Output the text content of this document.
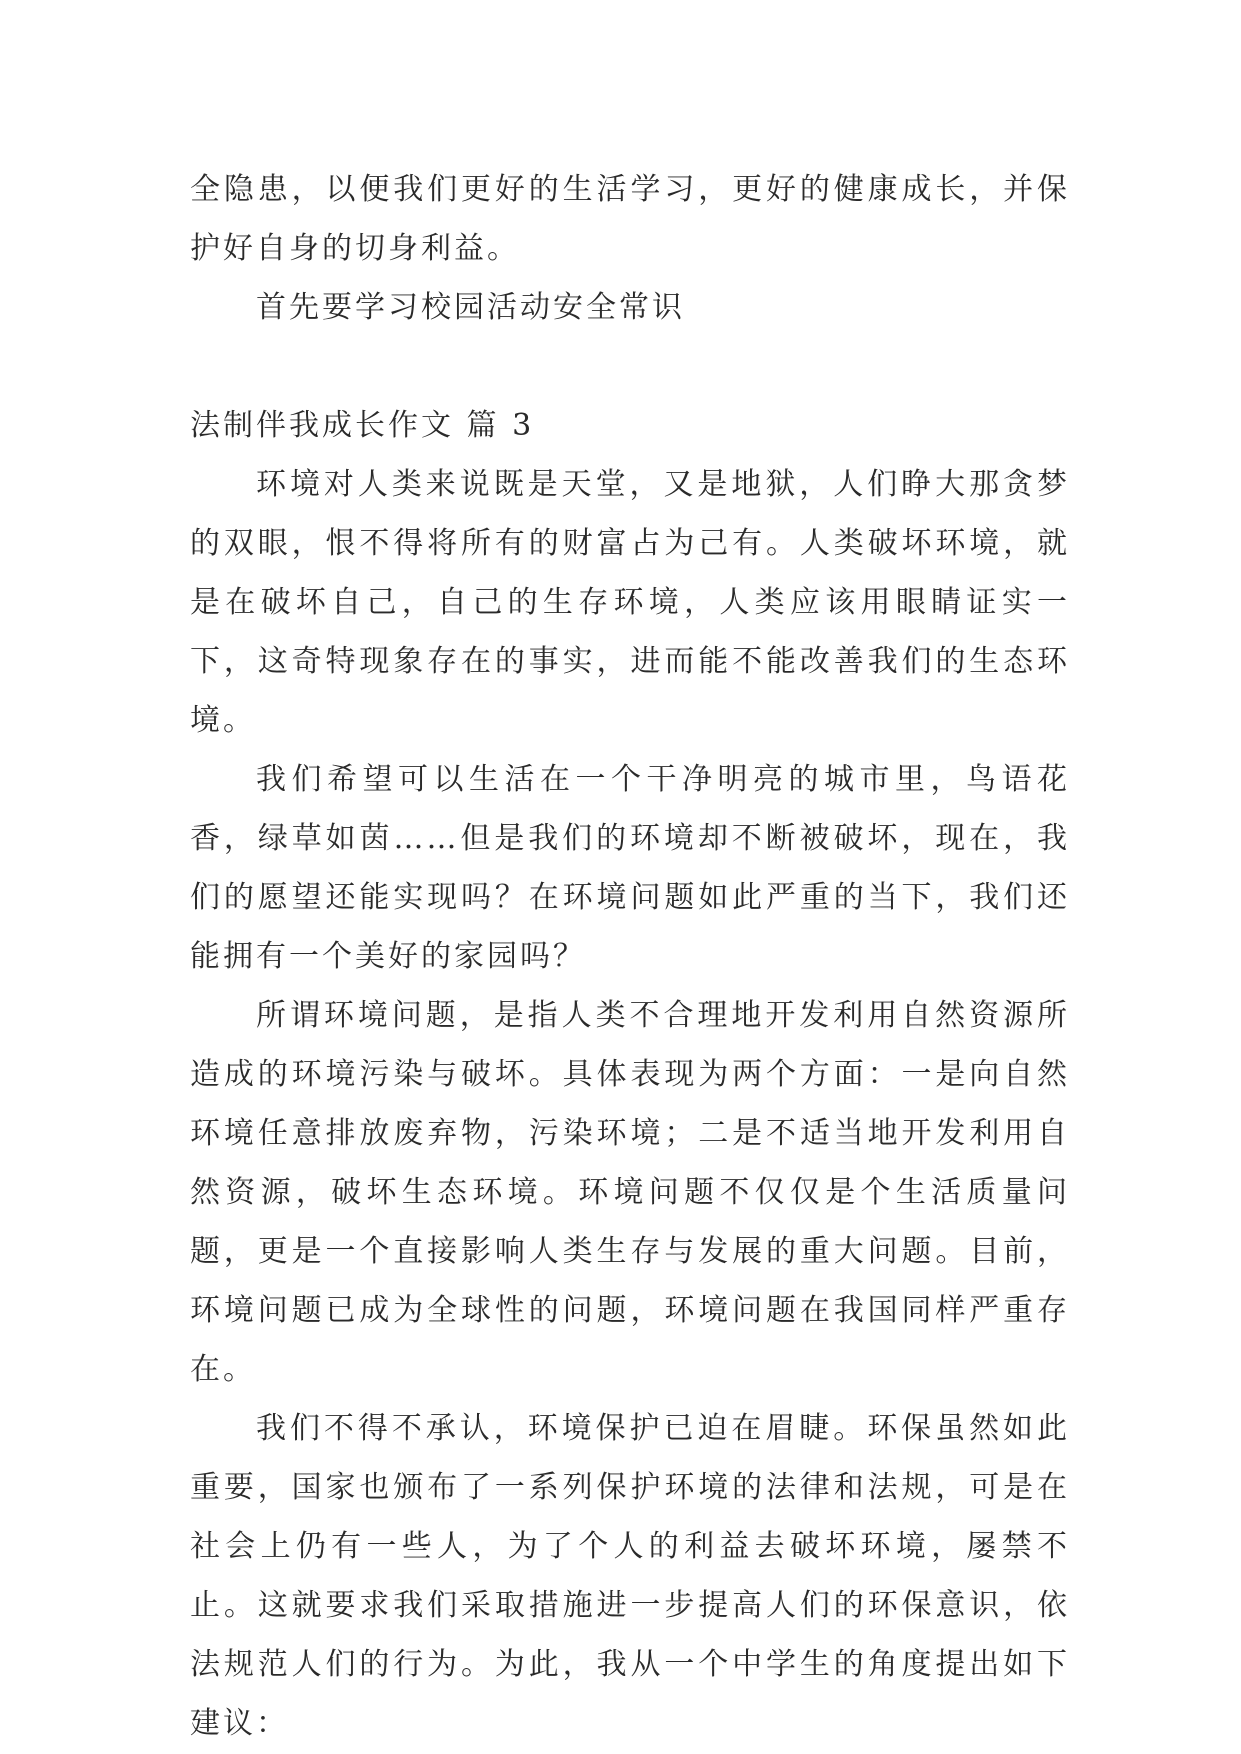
全隐患，以便我们更好的生活学习，更好的健康成长，并保护好自身的切身利益。

首先要学习校园活动安全常识

法制伴我成长作文 篇 3

环境对人类来说既是天堂，又是地狱，人们睁大那贪梦的双眼，恨不得将所有的财富占为己有。人类破坏环境，就是在破坏自己，自己的生存环境，人类应该用眼睛证实一下，这奇特现象存在的事实，进而能不能改善我们的生态环境。

我们希望可以生活在一个干净明亮的城市里，鸟语花香，绿草如茵……但是我们的环境却不断被破坏，现在，我们的愿望还能实现吗？在环境问题如此严重的当下，我们还能拥有一个美好的家园吗？

所谓环境问题，是指人类不合理地开发利用自然资源所造成的环境污染与破坏。具体表现为两个方面：一是向自然环境任意排放废弃物，污染环境；二是不适当地开发利用自然资源，破坏生态环境。环境问题不仅仅是个生活质量问题，更是一个直接影响人类生存与发展的重大问题。目前，环境问题已成为全球性的问题，环境问题在我国同样严重存在。

我们不得不承认，环境保护已迫在眉睫。环保虽然如此重要，国家也颁布了一系列保护环境的法律和法规，可是在社会上仍有一些人，为了个人的利益去破坏环境，屡禁不止。这就要求我们采取措施进一步提高人们的环保意识，依法规范人们的行为。为此，我从一个中学生的角度提出如下建议：
